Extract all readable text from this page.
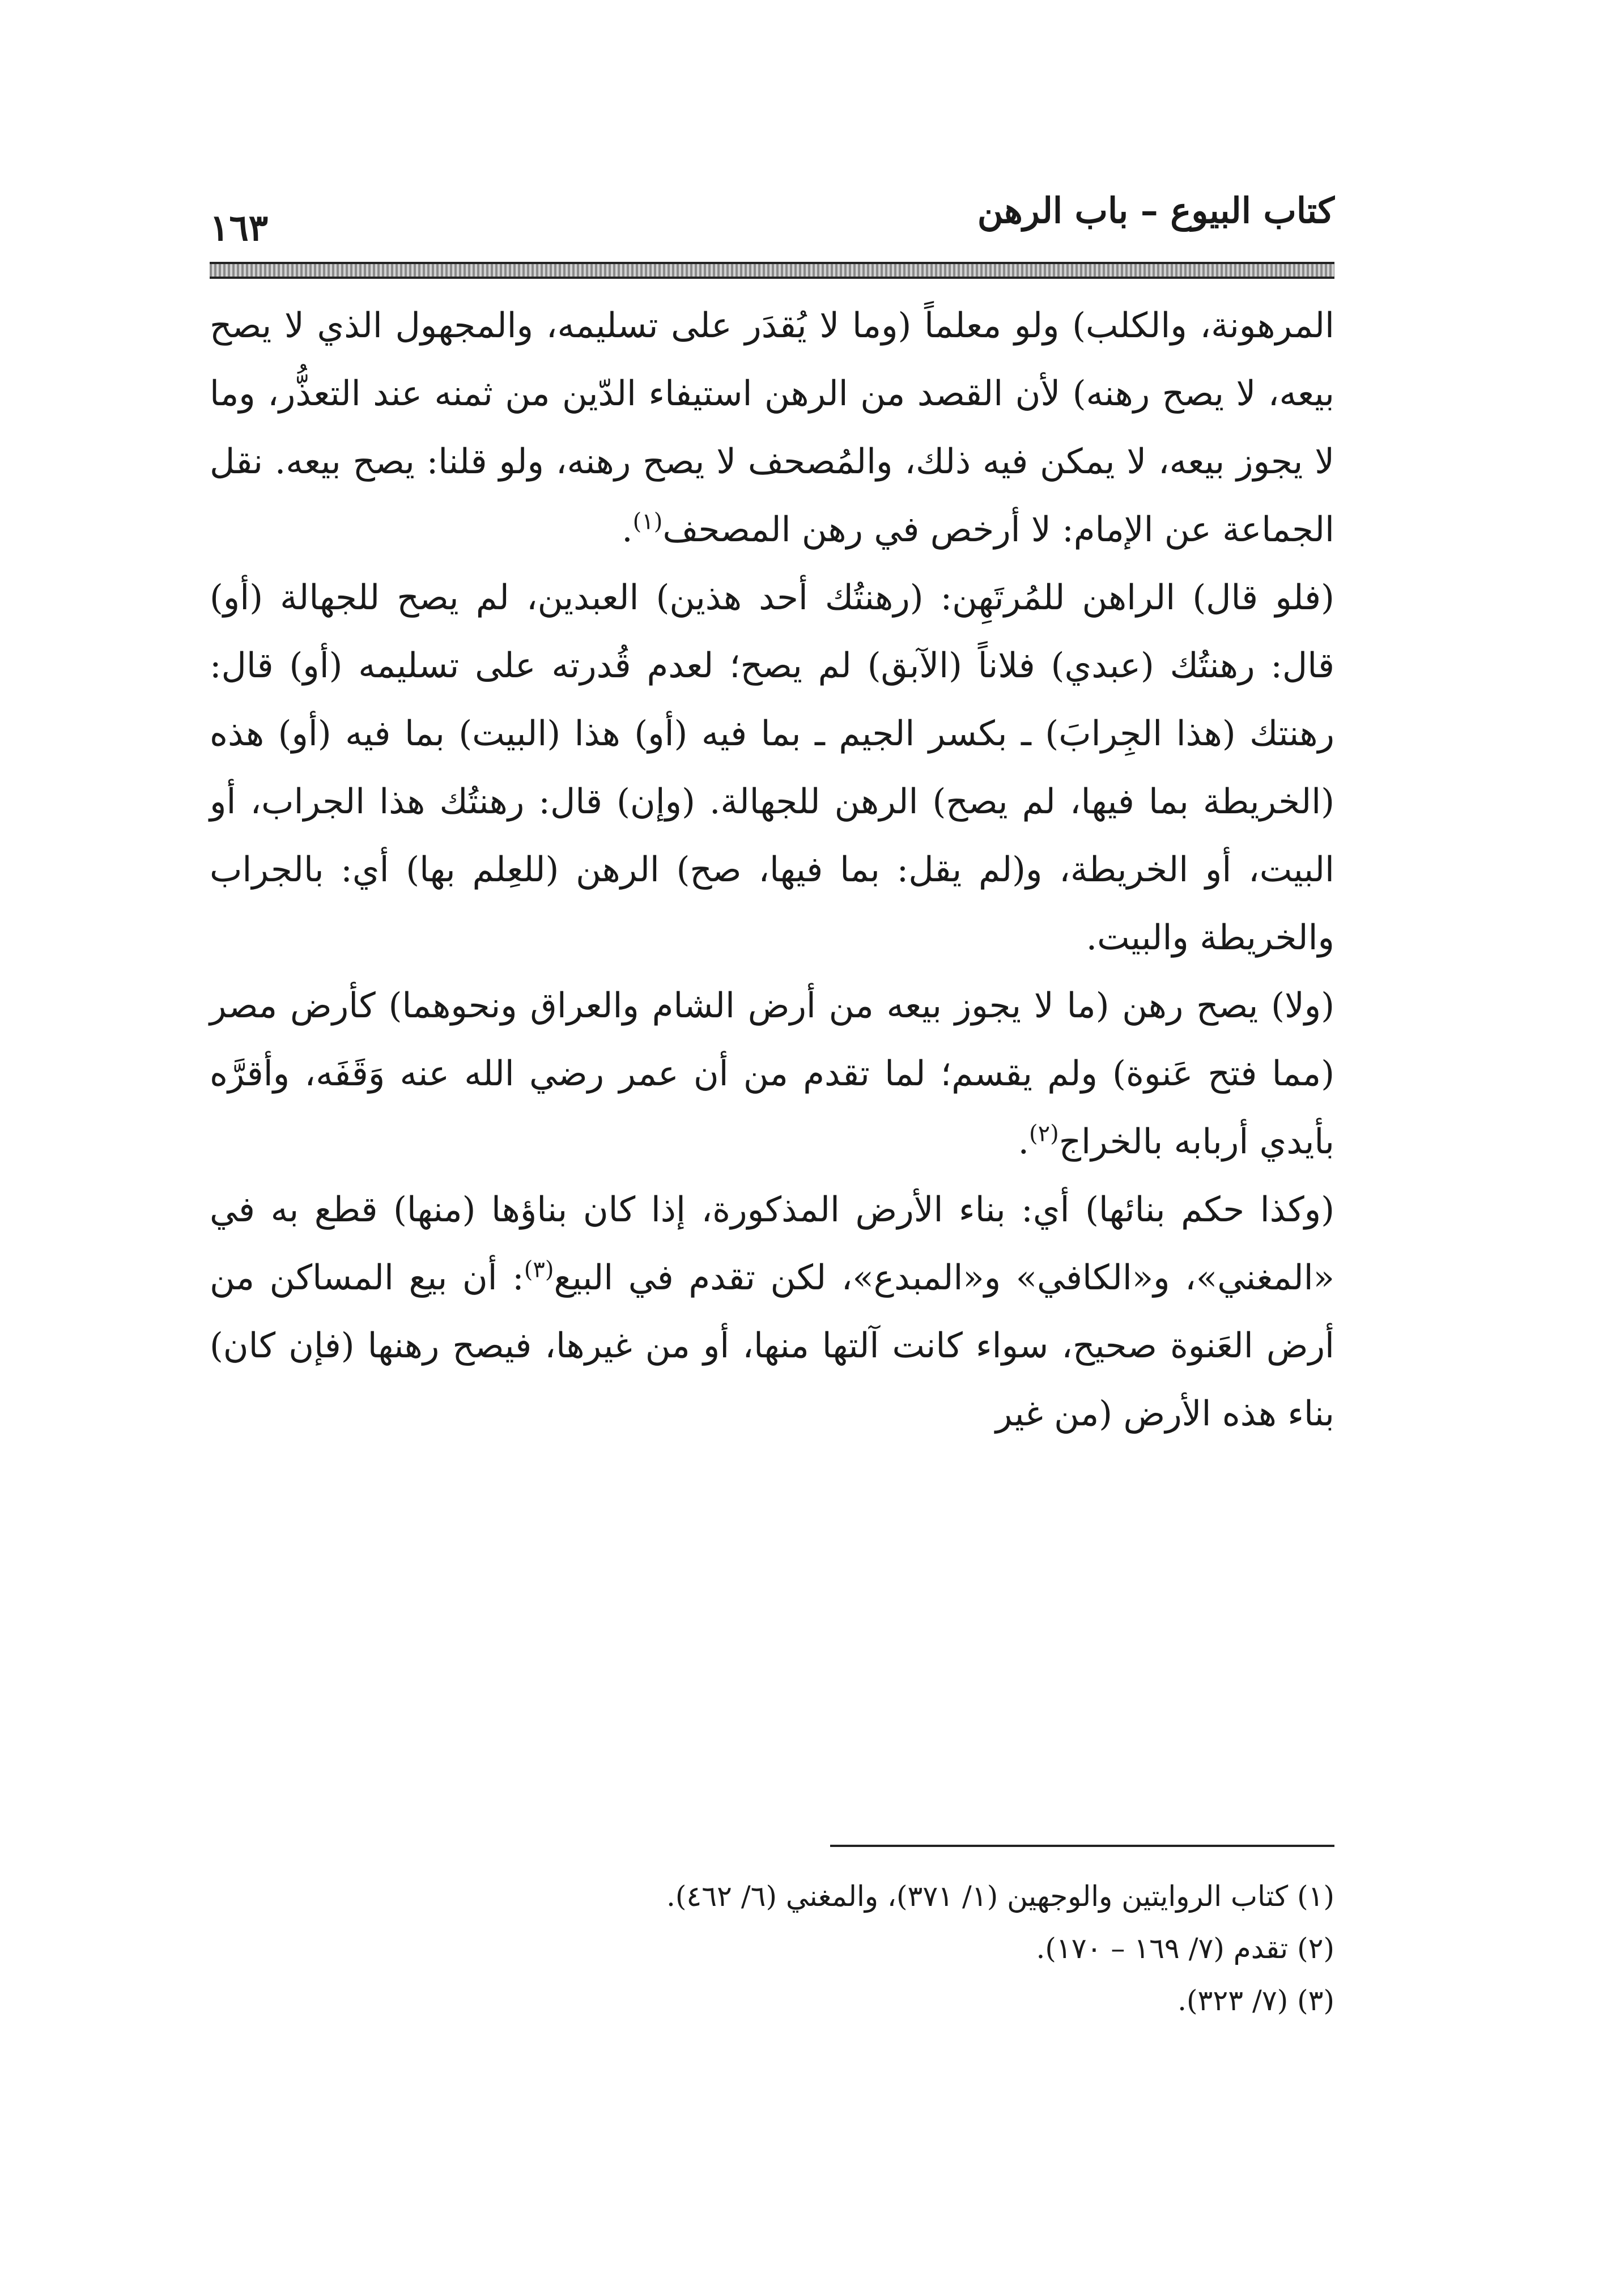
كتاب البيوع – باب الرهن
١٦٣

المرهونة، والكلب) ولو معلماً (وما لا يُقدَر على تسليمه، والمجهول الذي لا يصح بيعه، لا يصح رهنه) لأن القصد من الرهن استيفاء الدّين من ثمنه عند التعذُّر، وما لا يجوز بيعه، لا يمكن فيه ذلك، والمُصحف لا يصح رهنه، ولو قلنا: يصح بيعه. نقل الجماعة عن الإمام: لا أرخص في رهن المصحف$^{(١)}$.

(فلو قال) الراهن للمُرتَهِن: (رهنتُك أحد هذين) العبدين، لم يصح للجهالة (أو) قال: رهنتُك (عبدي) فلاناً (الآبق) لم يصح؛ لعدم قُدرته على تسليمه (أو) قال: رهنتك (هذا الجِرابَ) ـ بكسر الجيم ـ بما فيه (أو) هذا (البيت) بما فيه (أو) هذه (الخريطة بما فيها، لم يصح) الرهن للجهالة. (وإن) قال: رهنتُك هذا الجراب، أو البيت، أو الخريطة، و(لم يقل: بما فيها، صح) الرهن (للعِلم بها) أي: بالجراب والخريطة والبيت.

(ولا) يصح رهن (ما لا يجوز بيعه من أرض الشام والعراق ونحوهما) كأرض مصر (مما فتح عَنوة) ولم يقسم؛ لما تقدم من أن عمر رضي الله عنه وَقَفَه، وأقرَّه بأيدي أربابه بالخراج$^{(٢)}$.

(وكذا حكم بنائها) أي: بناء الأرض المذكورة، إذا كان بناؤها (منها) قطع به في «المغني»، و«الكافي» و«المبدع»، لكن تقدم في البيع$^{(٣)}$: أن بيع المساكن من أرض العَنوة صحيح، سواء كانت آلتها منها، أو من غيرها، فيصح رهنها (فإن كان) بناء هذه الأرض (من غير

(١) كتاب الروايتين والوجهين (١/ ٣٧١)، والمغني (٦/ ٤٦٢).

(٢) تقدم (٧/ ١٦٩ – ١٧٠).

(٣) (٧/ ٣٢٣).
